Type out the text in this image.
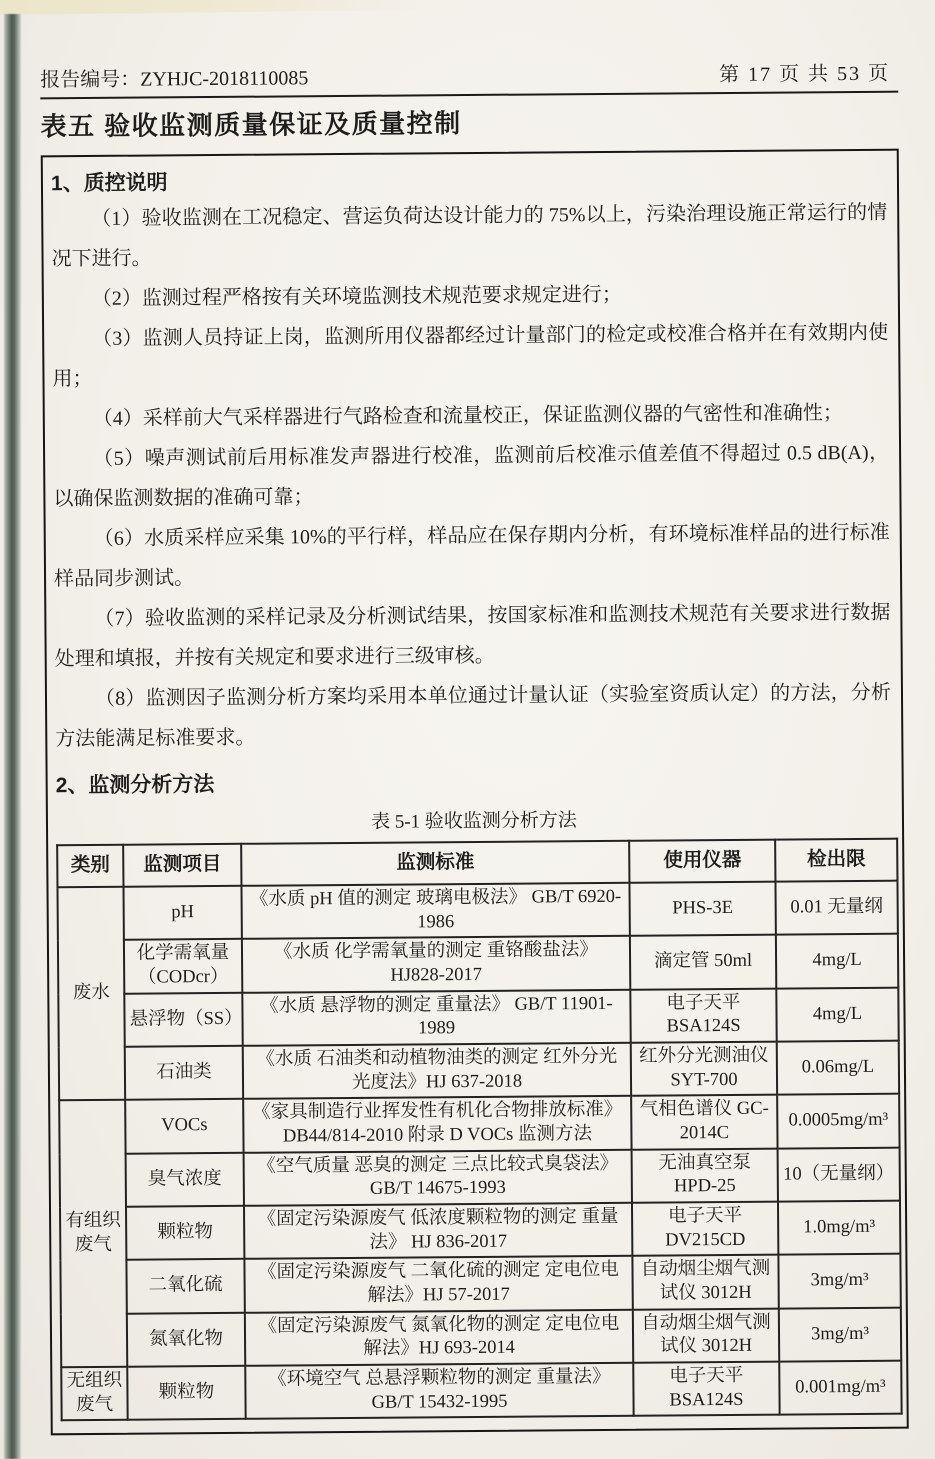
报告编号：ZYHJC-2018110085	第 17 页 共 53 页
表五 验收监测质量保证及质量控制
1、质控说明

（1）验收监测在工况稳定、营运负荷达设计能力的 75%以上，污染治理设施正常运行的情况下进行。

（2）监测过程严格按有关环境监测技术规范要求规定进行；

（3）监测人员持证上岗，监测所用仪器都经过计量部门的检定或校准合格并在有效期内使用；

（4）采样前大气采样器进行气路检查和流量校正，保证监测仪器的气密性和准确性；

（5）噪声测试前后用标准发声器进行校准，监测前后校准示值差值不得超过 0.5 dB(A)，以确保监测数据的准确可靠；

（6）水质采样应采集 10%的平行样，样品应在保存期内分析，有环境标准样品的进行标准样品同步测试。

（7）验收监测的采样记录及分析测试结果，按国家标准和监测技术规范有关要求进行数据处理和填报，并按有关规定和要求进行三级审核。

（8）监测因子监测分析方案均采用本单位通过计量认证（实验室资质认定）的方法，分析方法能满足标准要求。

2、监测分析方法
表 5-1 验收监测分析方法
类别	监测项目	监测标准	使用仪器	检出限
废水	pH	《水质 pH 值的测定 玻璃电极法》 GB/T 6920-1986	PHS-3E	0.01 无量纲
	化学需氧量（CODcr）	《水质 化学需氧量的测定 重铬酸盐法》 HJ828-2017	滴定管 50ml	4mg/L
	悬浮物（SS）	《水质 悬浮物的测定 重量法》 GB/T 11901-1989	电子天平 BSA124S	4mg/L
	石油类	《水质 石油类和动植物油类的测定 红外分光光度法》HJ 637-2018	红外分光测油仪 SYT-700	0.06mg/L
有组织废气	VOCs	《家具制造行业挥发性有机化合物排放标准》 DB44/814-2010 附录 D VOCs 监测方法	气相色谱仪 GC-2014C	0.0005mg/m³
	臭气浓度	《空气质量 恶臭的测定 三点比较式臭袋法》 GB/T 14675-1993	无油真空泵 HPD-25	10（无量纲）
	颗粒物	《固定污染源废气 低浓度颗粒物的测定 重量法》 HJ 836-2017	电子天平 DV215CD	1.0mg/m³
	二氧化硫	《固定污染源废气 二氧化硫的测定 定电位电解法》HJ 57-2017	自动烟尘烟气测试仪 3012H	3mg/m³
	氮氧化物	《固定污染源废气 氮氧化物的测定 定电位电解法》HJ 693-2014	自动烟尘烟气测试仪 3012H	3mg/m³
无组织废气	颗粒物	《环境空气 总悬浮颗粒物的测定 重量法》 GB/T 15432-1995	电子天平 BSA124S	0.001mg/m³
